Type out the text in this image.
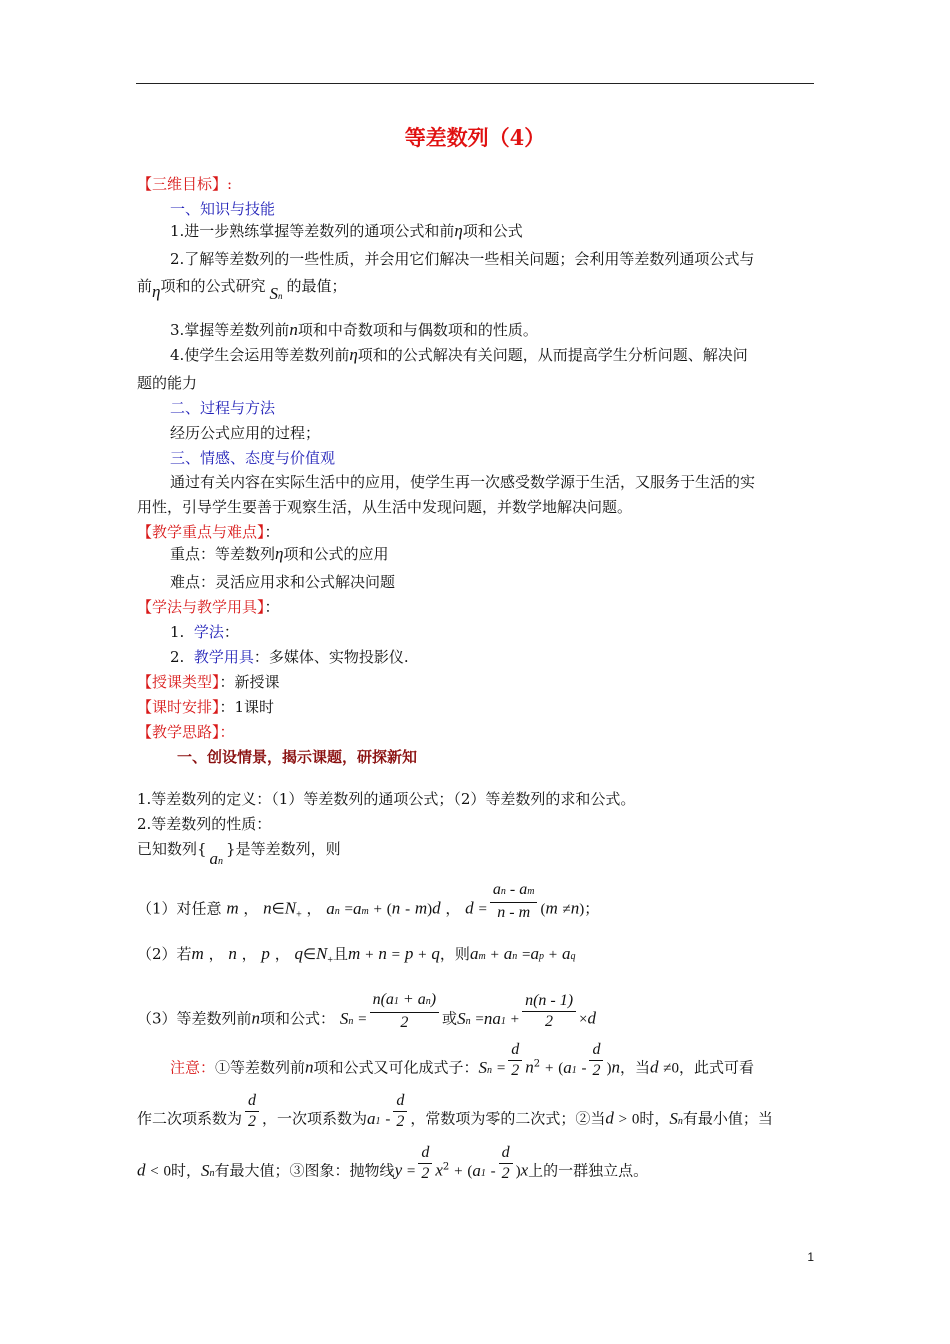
等差数列（4）
【三维目标】:
一、知识与技能
1.进一步熟练掌握等差数列的通项公式和前η项和公式
2.了解等差数列的一些性质，并会用它们解决一些相关问题；会利用等差数列通项公式与
前η项和的公式研究 Sn的最值；
3.掌握等差数列前n项和中奇数项和与偶数项和的性质。
4.使学生会运用等差数列前η项和的公式解决有关问题，从而提高学生分析问题、解决问
题的能力
二、过程与方法
经历公式应用的过程；
三、情感、态度与价值观
通过有关内容在实际生活中的应用，使学生再一次感受数学源于生活，又服务于生活的实
用性，引导学生要善于观察生活，从生活中发现问题，并数学地解决问题。
【教学重点与难点】：
重点：等差数列η项和公式的应用
难点：灵活应用求和公式解决问题
【学法与教学用具】：
1. 学法：
2. 教学用具：多媒体、实物投影仪.
【授课类型】：新授课
【课时安排】：1课时
【教学思路】：
一、创设情景，揭示课题，研探新知
1.等差数列的定义：（1）等差数列的通项公式；（2）等差数列的求和公式。
2.等差数列的性质：
已知数列{ an}是等差数列，则
（1）对任意 m ， $n\in N_+$ ， an =am + (n - m)d ， $d = \frac{an - am}{n - m} (m \ne n)$；
（2）若m ， n ， p ， $q\in N_+$且m + n = p + q，则am + an =ap + aq
（3）等差数列前n项和公式： $Sn = \frac{n(a1 + an)}{2}$ 或$Sn =na1 + \frac{n(n - 1)}{2} \times d$
注意：①等差数列前n项和公式又可化成式子：$Sn = \frac{d}{2} n^2 + (a1 - \frac{d}{2} )n$，当d ≠0，此式可看
作二次项系数为 $\frac{d}{2}$ ，一次项系数为$a1 - \frac{d}{2}$ ，常数项为零的二次式；②当d > 0时，Sn有最小值；当
d < 0时，Sn有最大值；③图象：抛物线$y = \frac{d}{2} x^2 + (a1 - \frac{d}{2} )x$上的一群独立点。
1
